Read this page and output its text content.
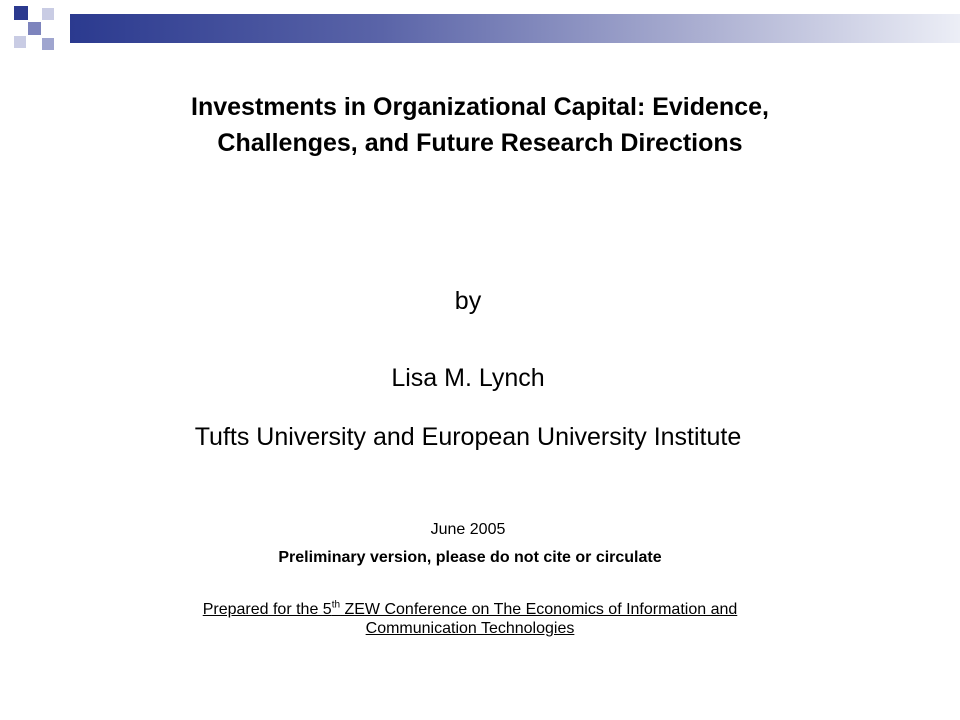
Investments in Organizational Capital: Evidence,
Challenges, and Future Research Directions
by
Lisa M. Lynch
Tufts University and European University Institute
June 2005
Preliminary version, please do not cite or circulate
Prepared for the 5th ZEW Conference on The Economics of Information and
Communication Technologies
